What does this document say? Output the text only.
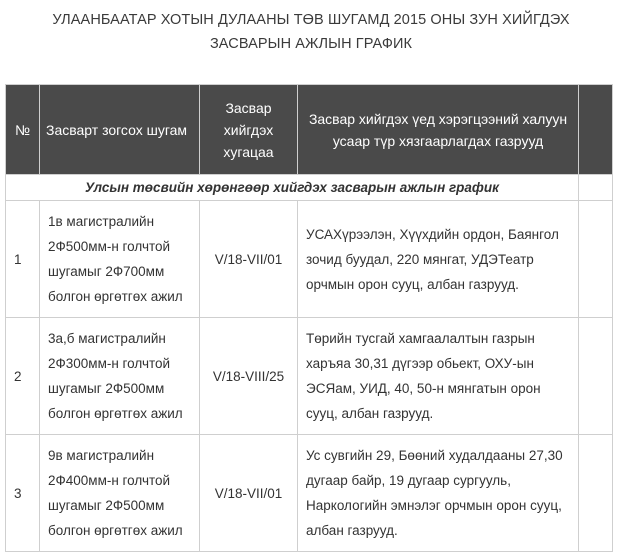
УЛААНБААТАР ХОТЫН ДУЛААНЫ ТӨВ ШУГАМД 2015 ОНЫ ЗУН ХИЙГДЭХ ЗАСВАРЫН АЖЛЫН ГРАФИК
№	Засварт зогсох шугам	Засвар хийгдэх хугацаа	Засвар хийгдэх үед хэрэгцээний халуун усаар түр хязгаарлагдах газрууд	
Улсын төсвийн хөрөнгөөр хийгдэх засварын ажлын график				
1	1в магистралийн 2Ф500мм-н голчтой шугамыг 2Ф700мм болгон өргөтгөх ажил	V/18-VII/01	УСАХүрээлэн, Хүүхдийн ордон, Баянгол зочид буудал, 220 мянгат, УДЭТеатр орчмын орон сууц, албан газрууд.	
2	3а,б магистралийн 2Ф300мм-н голчтой шугамыг 2Ф500мм болгон өргөтгөх ажил	V/18-VIII/25	Төрийн тусгай хамгаалалтын газрын харъяа 30,31 дүгээр обьект, ОХУ-ын ЭСЯам, УИД, 40, 50-н мянгатын орон сууц, албан газрууд.	
3	9в магистралийн 2Ф400мм-н голчтой шугамыг 2Ф500мм болгон өргөтгөх ажил	V/18-VII/01	Ус сувгийн 29, Бөөний худалдааны 27,30 дугаар байр, 19 дугаар сургууль, Наркологийн эмнэлэг орчмын орон сууц, албан газрууд.	
